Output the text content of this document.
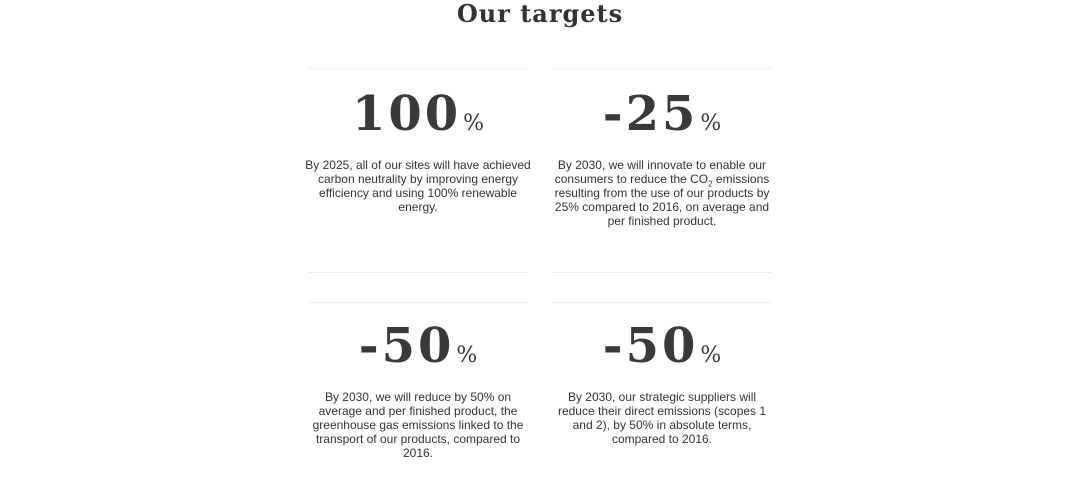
Our targets
100%

By 2025, all of our sites will have achieved carbon neutrality by improving energy efficiency and using 100% renewable energy.

-25%

By 2030, we will innovate to enable our consumers to reduce the $CO_2$ emissions resulting from the use of our products by 25% compared to 2016, on average and per finished product.

-50%

By 2030, we will reduce by 50% on average and per finished product, the greenhouse gas emissions linked to the transport of our products, compared to 2016.

-50%

By 2030, our strategic suppliers will reduce their direct emissions (scopes 1 and 2), by 50% in absolute terms, compared to 2016.
